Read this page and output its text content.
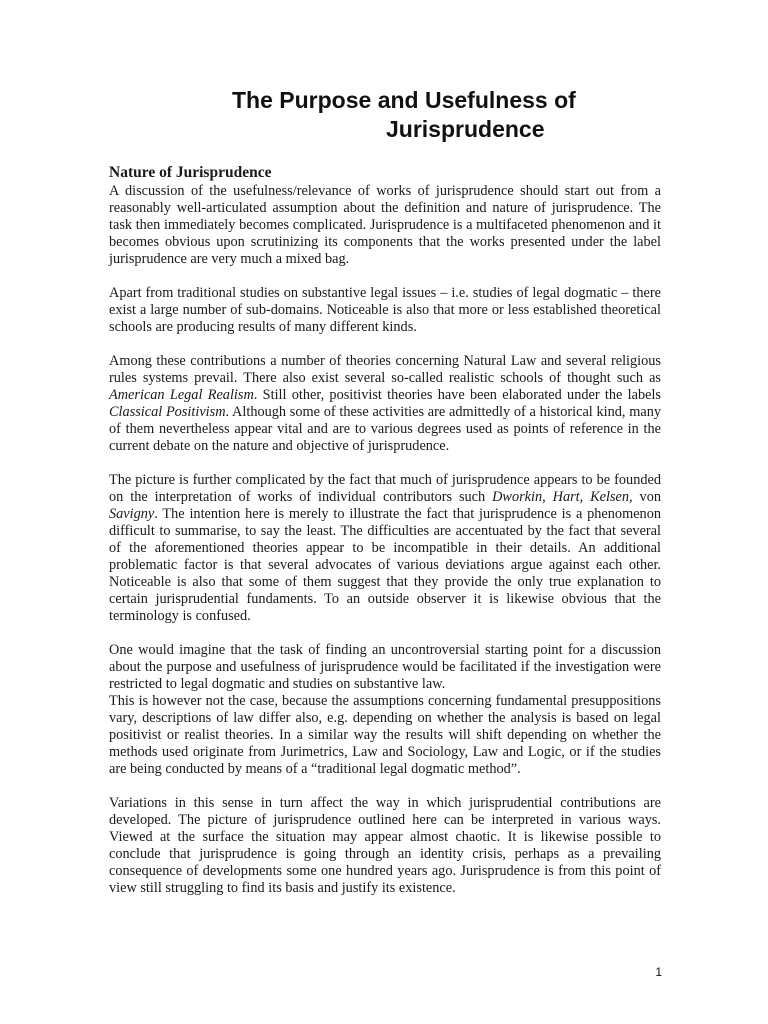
The Purpose and Usefulness of
Jurisprudence
Nature of Jurisprudence

A discussion of the usefulness/relevance of works of jurisprudence should start out from a reasonably well-articulated assumption about the definition and nature of jurisprudence. The task then immediately becomes complicated. Jurisprudence is a multifaceted phenomenon and it becomes obvious upon scrutinizing its components that the works presented under the label jurisprudence are very much a mixed bag.

Apart from traditional studies on substantive legal issues – i.e. studies of legal dogmatic – there exist a large number of sub-domains. Noticeable is also that more or less established theoretical schools are producing results of many different kinds.

Among these contributions a number of theories concerning Natural Law and several religious rules systems prevail. There also exist several so-called realistic schools of thought such as American Legal Realism. Still other, positivist theories have been elaborated under the labels Classical Positivism. Although some of these activities are admittedly of a historical kind, many of them nevertheless appear vital and are to various degrees used as points of reference in the current debate on the nature and objective of jurisprudence.

The picture is further complicated by the fact that much of jurisprudence appears to be founded on the interpretation of works of individual contributors such Dworkin, Hart, Kelsen, von Savigny. The intention here is merely to illustrate the fact that jurisprudence is a phenomenon difficult to summarise, to say the least. The difficulties are accentuated by the fact that several of the aforementioned theories appear to be incompatible in their details. An additional problematic factor is that several advocates of various deviations argue against each other. Noticeable is also that some of them suggest that they provide the only true explanation to certain jurisprudential fundaments. To an outside observer it is likewise obvious that the terminology is confused.

One would imagine that the task of finding an uncontroversial starting point for a discussion about the purpose and usefulness of jurisprudence would be facilitated if the investigation were restricted to legal dogmatic and studies on substantive law.

This is however not the case, because the assumptions concerning fundamental presuppositions vary, descriptions of law differ also, e.g. depending on whether the analysis is based on legal positivist or realist theories. In a similar way the results will shift depending on whether the methods used originate from Jurimetrics, Law and Sociology, Law and Logic, or if the studies are being conducted by means of a “traditional legal dogmatic method”.

Variations in this sense in turn affect the way in which jurisprudential contributions are developed. The picture of jurisprudence outlined here can be interpreted in various ways. Viewed at the surface the situation may appear almost chaotic. It is likewise possible to conclude that jurisprudence is going through an identity crisis, perhaps as a prevailing consequence of developments some one hundred years ago. Jurisprudence is from this point of view still struggling to find its basis and justify its existence.

1
